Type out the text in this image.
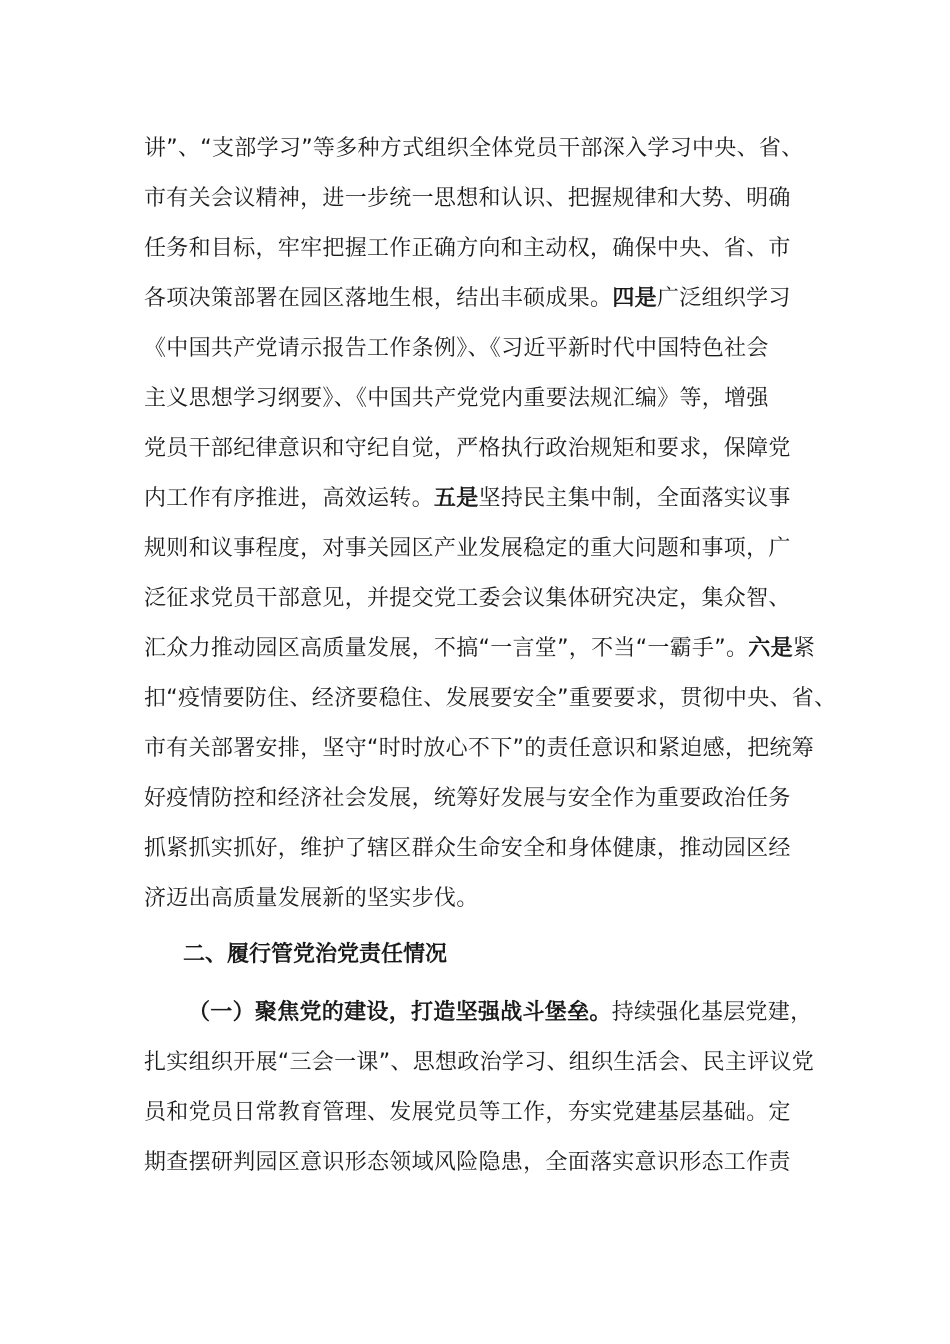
讲”、“支部学习”等多种方式组织全体党员干部深入学习中央、省、
市有关会议精神，进一步统一思想和认识、把握规律和大势、明确
任务和目标，牢牢把握工作正确方向和主动权，确保中央、省、市
各项决策部署在园区落地生根，结出丰硕成果。四是广泛组织学习
《中国共产党请示报告工作条例》、《习近平新时代中国特色社会
主义思想学习纲要》、《中国共产党党内重要法规汇编》等，增强
党员干部纪律意识和守纪自觉，严格执行政治规矩和要求，保障党
内工作有序推进，高效运转。五是坚持民主集中制，全面落实议事
规则和议事程度，对事关园区产业发展稳定的重大问题和事项，广
泛征求党员干部意见，并提交党工委会议集体研究决定，集众智、
汇众力推动园区高质量发展，不搞“一言堂”，不当“一霸手”。六是紧
扣“疫情要防住、经济要稳住、发展要安全”重要要求，贯彻中央、省、
市有关部署安排，坚守“时时放心不下”的责任意识和紧迫感，把统筹
好疫情防控和经济社会发展，统筹好发展与安全作为重要政治任务
抓紧抓实抓好，维护了辖区群众生命安全和身体健康，推动园区经
济迈出高质量发展新的坚实步伐。
二、履行管党治党责任情况
（一）聚焦党的建设，打造坚强战斗堡垒。持续强化基层党建，
扎实组织开展“三会一课”、思想政治学习、组织生活会、民主评议党
员和党员日常教育管理、发展党员等工作，夯实党建基层基础。定
期查摆研判园区意识形态领域风险隐患，全面落实意识形态工作责
